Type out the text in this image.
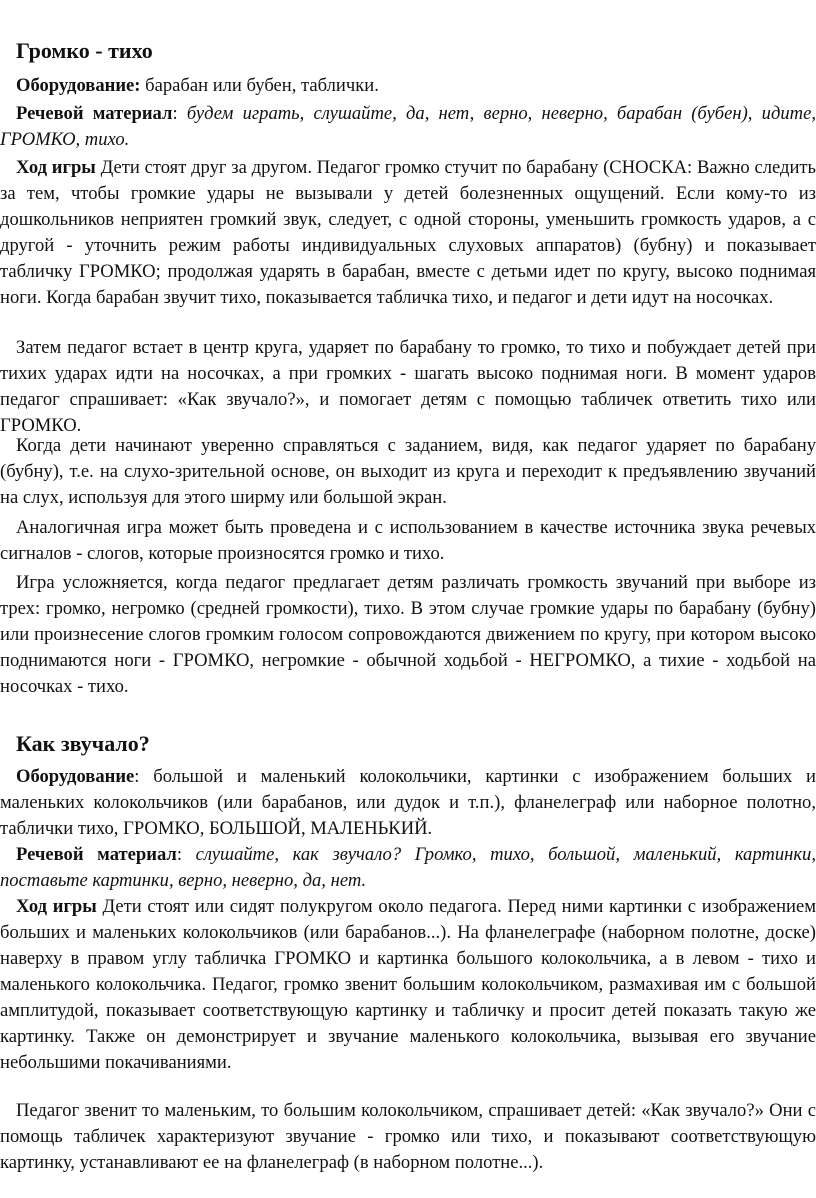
Громко - тихо

Оборудование: барабан или бубен, таблички.

Речевой материал: будем играть, слушайте, да, нет, верно, неверно, барабан (бубен), идите, ГРОМКО, тихо.

Ход игры Дети стоят друг за другом. Педагог громко стучит по барабану (СНОСКА: Важно следить за тем, чтобы громкие удары не вызывали у детей болезненных ощущений. Если кому-то из дошкольников неприятен громкий звук, следует, с одной стороны, уменьшить громкость ударов, а с другой - уточнить режим работы индивидуальных слуховых аппаратов) (бубну) и показывает табличку ГРОМКО; продолжая ударять в барабан, вместе с детьми идет по кругу, высоко поднимая ноги. Когда барабан звучит тихо, показывается табличка тихо, и педагог и дети идут на носочках.

Затем педагог встает в центр круга, ударяет по барабану то громко, то тихо и побуждает детей при тихих ударах идти на носочках, а при громких - шагать высоко поднимая ноги. В момент ударов педагог спрашивает: «Как звучало?», и помогает детям с помощью табличек ответить тихо или ГРОМКО.

Когда дети начинают уверенно справляться с заданием, видя, как педагог ударяет по барабану (бубну), т.е. на слухо-зрительной основе, он выходит из круга и переходит к предъявлению звучаний на слух, используя для этого ширму или большой экран.

Аналогичная игра может быть проведена и с использованием в качестве источника звука речевых сигналов - слогов, которые произносятся громко и тихо.

Игра усложняется, когда педагог предлагает детям различать громкость звучаний при выборе из трех: громко, негромко (средней громкости), тихо. В этом случае громкие удары по барабану (бубну) или произнесение слогов громким голосом сопровождаются движением по кругу, при котором высоко поднимаются ноги - ГРОМКО, негромкие - обычной ходьбой - НЕГРОМКО, а тихие - ходьбой на носочках - тихо.

Как звучало?

Оборудование: большой и маленький колокольчики, картинки с изображением больших и маленьких колокольчиков (или барабанов, или дудок и т.п.), фланелеграф или наборное полотно, таблички тихо, ГРОМКО, БОЛЬШОЙ, МАЛЕНЬКИЙ.

Речевой материал: слушайте, как звучало? Громко, тихо, большой, маленький, картинки, поставьте картинки, верно, неверно, да, нет.

Ход игры Дети стоят или сидят полукругом около педагога. Перед ними картинки с изображением больших и маленьких колокольчиков (или барабанов...). На фланелеграфе (наборном полотне, доске) наверху в правом углу табличка ГРОМКО и картинка большого колокольчика, а в левом - тихо и маленького колокольчика. Педагог, громко звенит большим колокольчиком, размахивая им с большой амплитудой, показывает соответствующую картинку и табличку и просит детей показать такую же картинку. Также он демонстрирует и звучание маленького колокольчика, вызывая его звучание небольшими покачиваниями.

Педагог звенит то маленьким, то большим колокольчиком, спрашивает детей: «Как звучало?» Они с помощь табличек характеризуют звучание - громко или тихо, и показывают соответствующую картинку, устанавливают ее на фланелеграф (в наборном полотне...).
